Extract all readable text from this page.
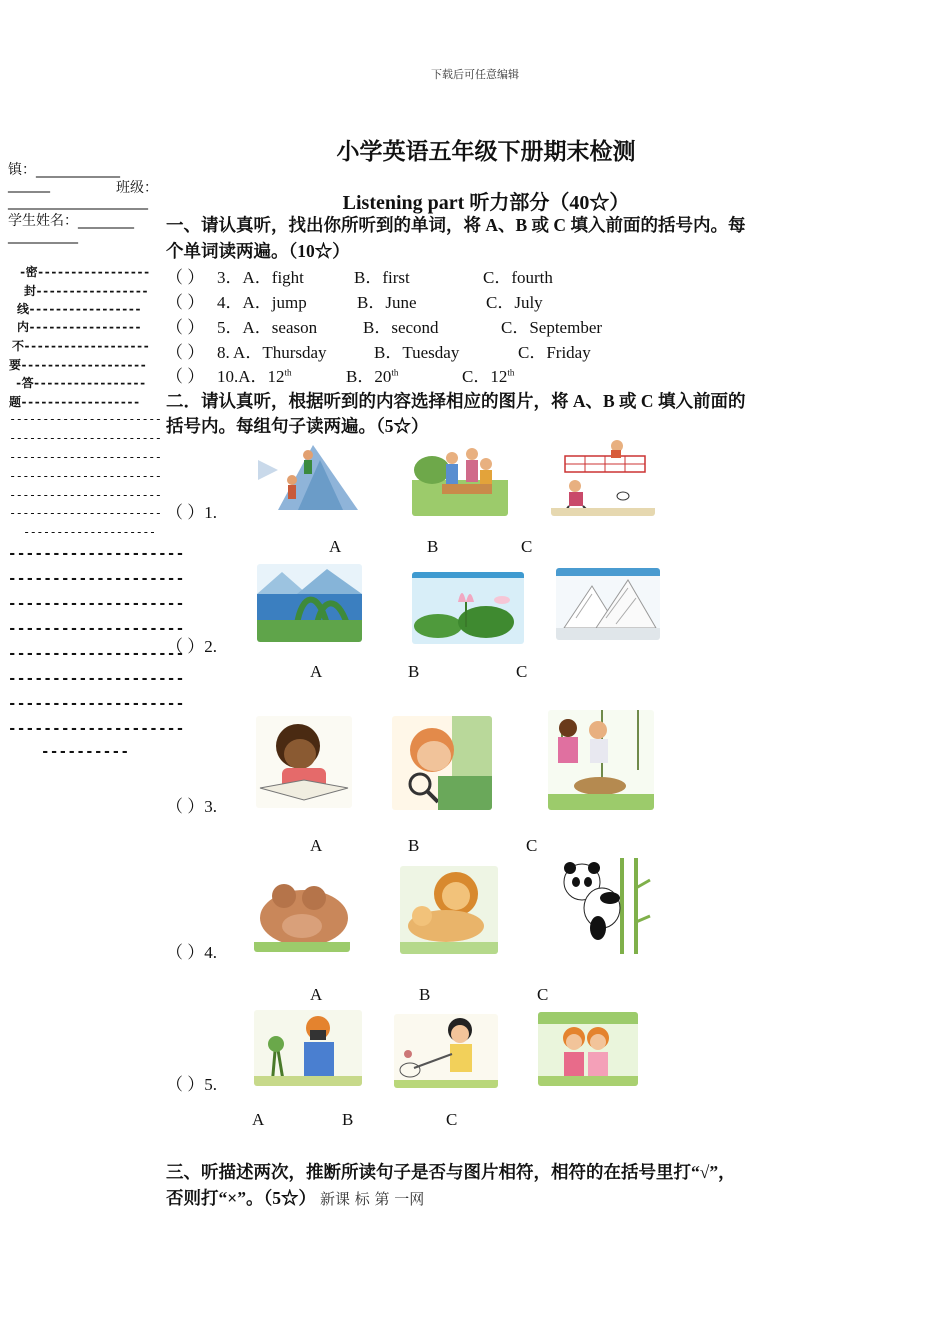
下载后可任意编辑
小学英语五年级下册期末检测
镇：____________
______	班级：
____________________
学生姓名：________
__________
-密-----------------
封-----------------
线-----------------
内-----------------
不-------------------
要-------------------
-答-----------------
题------------------
-----------------------
-----------------------
-----------------------
-----------------------
-----------------------
-----------------------
--------------------
--------------------
--------------------
--------------------
--------------------
--------------------
--------------------
--------------------
--------------------
----------
Listening part 听力部分（40☆）
一、请认真听，找出你所听到的单词，将 A、B 或 C 填入前面的括号内。每
个单词读两遍。（10☆）
（ ） 3．A．fight	B．first	C．fourth
（ ） 4．A．jump	B．June	C．July
（ ） 5．A．season	B．second	C．September
（ ） 8. A．Thursday	B．Tuesday	C．Friday
（ ） 10.A．12th	B．20th	C．12th
二．请认真听，根据听到的内容选择相应的图片，将 A、B 或 C 填入前面的
括号内。每组句子读两遍。（5☆）
（ ）1.
A	B	C
（ ）2.
A	B	C
（ ）3.
A	B	C
（ ）4.
A	B	C
（ ）5.
A	B	C
三、听描述两次，推断所读句子是否与图片相符，相符的在括号里打“√”，
否则打“×”。（5☆） 新课 标 第 一网
